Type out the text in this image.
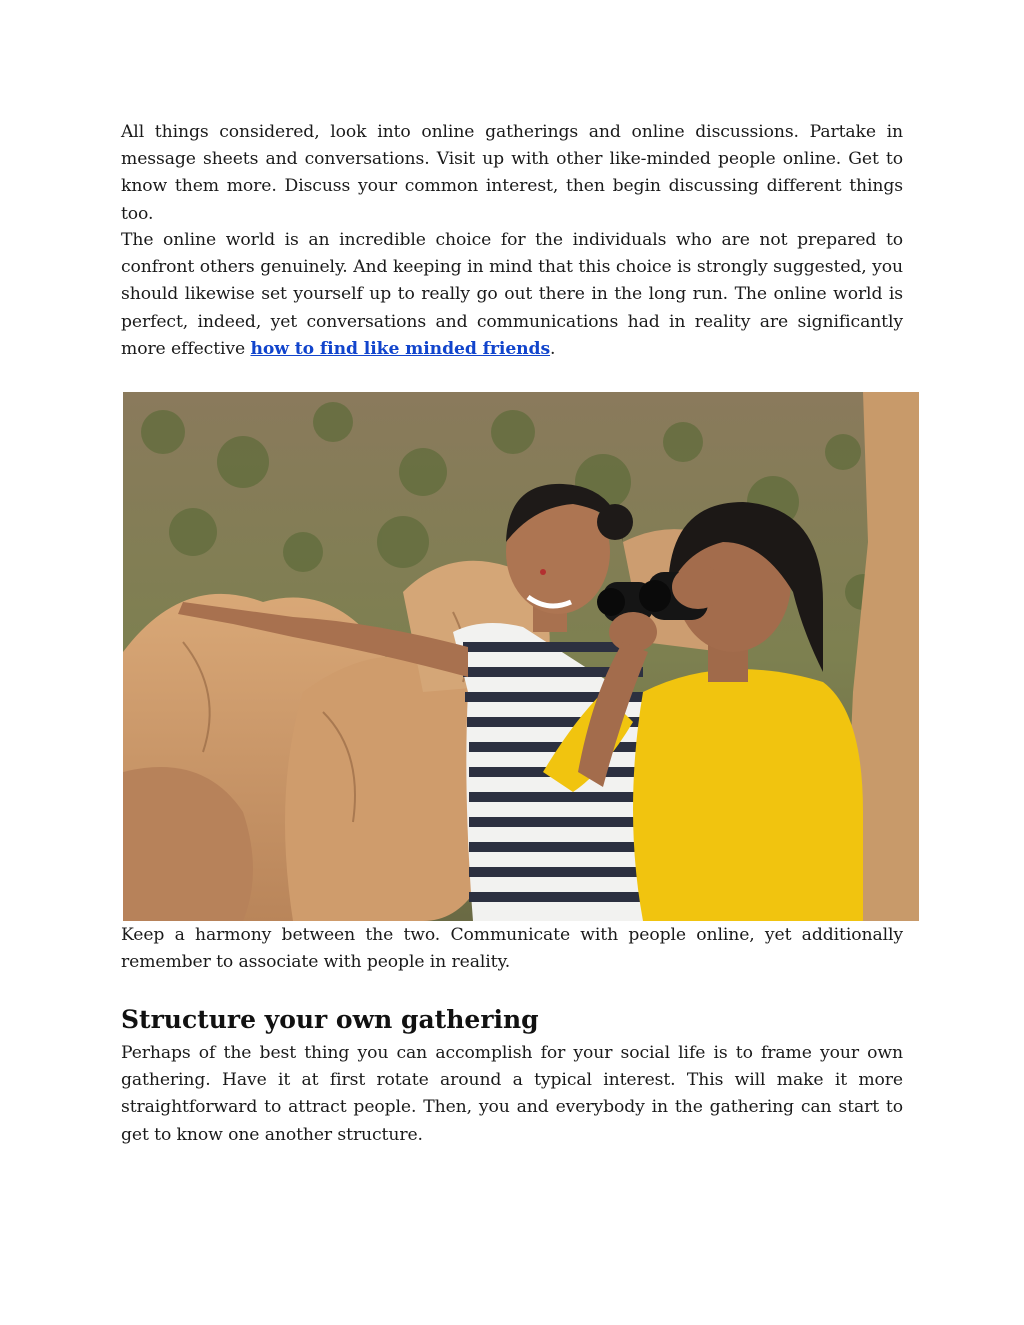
All things considered, look into online gatherings and online discussions. Partake in message sheets and conversations. Visit up with other like-minded people online. Get to know them more. Discuss your common interest, then begin discussing different things too.

The online world is an incredible choice for the individuals who are not prepared to confront others genuinely. And keeping in mind that this choice is strongly suggested, you should likewise set yourself up to really go out there in the long run. The online world is perfect, indeed, yet conversations and communications had in reality are significantly more effective how to find like minded friends.

Keep a harmony between the two. Communicate with people online, yet additionally remember to associate with people in reality.

Structure your own gathering

Perhaps of the best thing you can accomplish for your social life is to frame your own gathering. Have it at first rotate around a typical interest. This will make it more straightforward to attract people. Then, you and everybody in the gathering can start to get to know one another structure.
